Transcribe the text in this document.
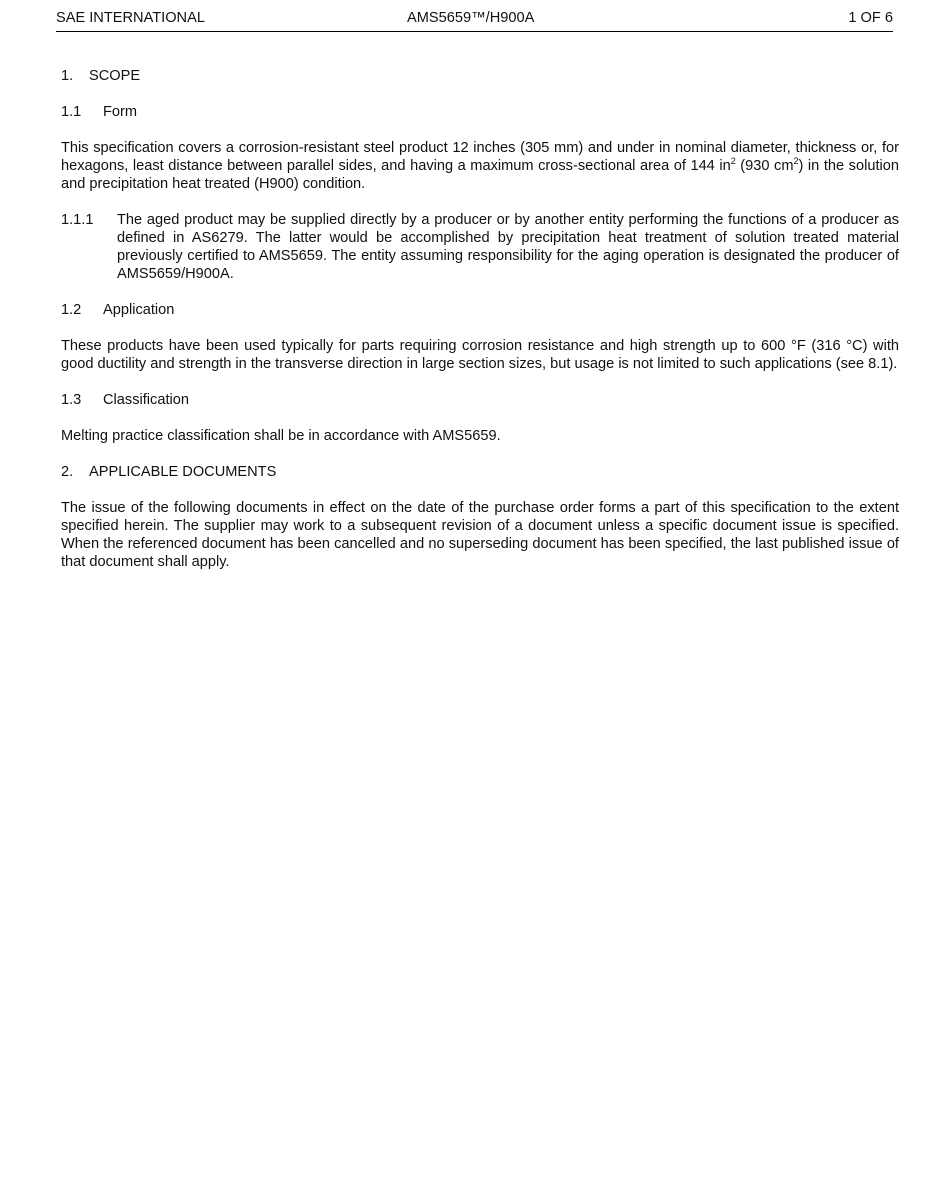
SAE INTERNATIONAL	AMS5659™/H900A	1 OF 6
1. SCOPE
1.1 Form

This specification covers a corrosion-resistant steel product 12 inches (305 mm) and under in nominal diameter, thickness or, for hexagons, least distance between parallel sides, and having a maximum cross-sectional area of 144 $in^2$ (930 $cm^2$) in the solution and precipitation heat treated (H900) condition.

1.1.1	The aged product may be supplied directly by a producer or by another entity performing the functions of a producer as defined in AS6279. The latter would be accomplished by precipitation heat treatment of solution treated material previously certified to AMS5659. The entity assuming responsibility for the aging operation is designated the producer of AMS5659/H900A.
1.2 Application

These products have been used typically for parts requiring corrosion resistance and high strength up to 600 °F (316 °C) with good ductility and strength in the transverse direction in large section sizes, but usage is not limited to such applications (see 8.1).

1.3 Classification

Melting practice classification shall be in accordance with AMS5659.

2. APPLICABLE DOCUMENTS

The issue of the following documents in effect on the date of the purchase order forms a part of this specification to the extent specified herein. The supplier may work to a subsequent revision of a document unless a specific document issue is specified. When the referenced document has been cancelled and no superseding document has been specified, the last published issue of that document shall apply.
